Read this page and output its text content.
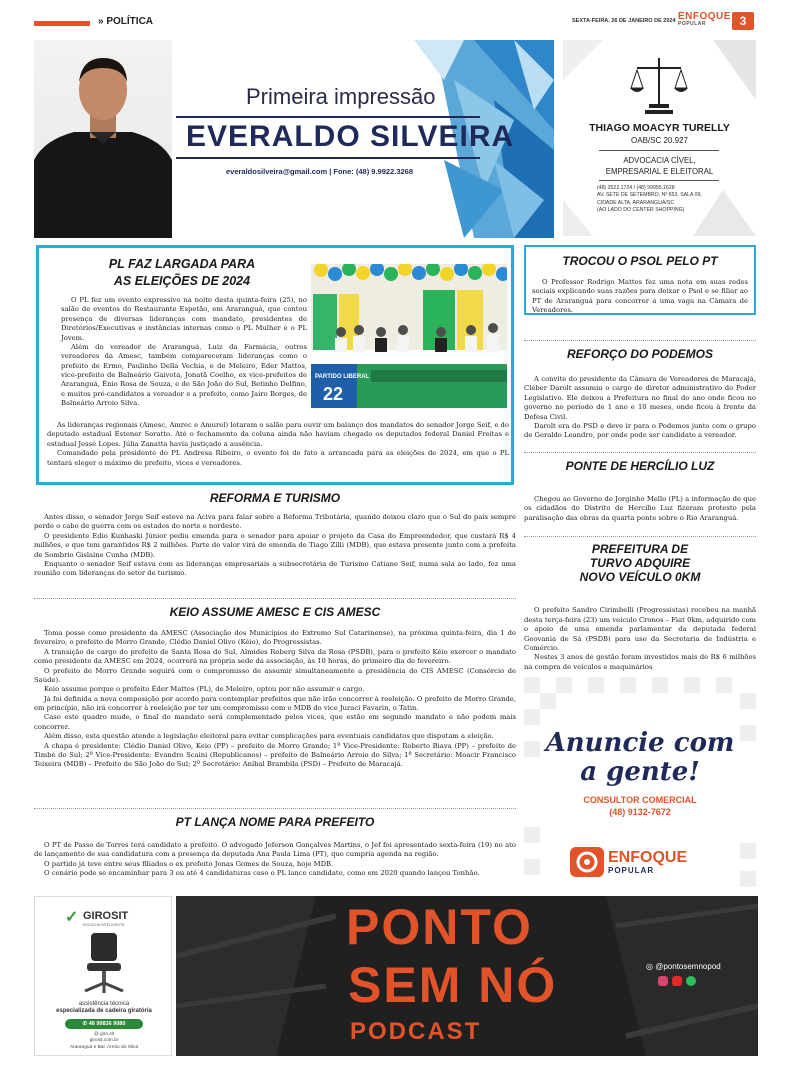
» POLÍTICA	SEXTA-FEIRA, 26 DE JANEIRO DE 2024 ENFOQUE
POPULAR	3
Primeira impressão
EVERALDO SILVEIRA
everaldosilveira@gmail.com | Fone: (48) 9.9922.3268
THIAGO MOACYR TURELLY
OAB/SC 20.927
ADVOCACIA CÍVEL,
EMPRESARIAL E ELEITORAL
(48) 3522.1724 / (48) 99955.1628
AV. SETE DE SETEMBRO, Nº 653, SALA 09,
CIDADE ALTA, ARARANGUÁ/SC
(AO LADO DO CENTER SHOPPING)
PL FAZ LARGADA PARA
AS ELEIÇÕES DE 2024

O PL fez um evento expressivo na noite desta quinta-feira (25), no salão de eventos do Restaurante Espetão, em Araranguá, que contou presença de diversas lideranças com mandato, presidentes de Diretórios/Executivas e instâncias internas como o PL Mulher e o PL Jovem.

Além do vereador de Araranguá, Luiz da Farmácia, outros vereadores da Amesc, também compareceram lideranças como o prefeito de Ermo, Paulinho Della Vechia, e de Meleiro, Eder Mattos, vice-prefeito de Balneário Gaivota, Jonatã Coelho, ex vice-prefeitos de Araranguá, Ênio Rosa de Souza, e de São João do Sul, Betinho Delfino, e muitos pré-candidatos a vereador e a prefeito, como Jairo Borges, de Balneário Arroio Silva.

PARTIDO LIBERAL
22

As lideranças regionais (Amesc, Amrec e Amurel) lotaram o salão para ouvir um balanço dos mandatos do senador Jorge Seif, e do deputado estadual Estener Soratto. Até o fechamento da coluna ainda não haviam chegado os deputados federal Daniel Freitas e estadual Jessé Lopes. Júlia Zanatta havia justiçado a ausência.

Comandado pela presidente do PL Andresa Ribeiro, o evento foi de fato a arrancada para as eleições de 2024, em que o PL tentará eleger o máximo de prefeito, vices e vereadores.

REFORMA E TURISMO

Antes disso, o senador Jorge Seif esteve na Aciva para falar sobre a Reforma Tributária, quando deixou claro que o Sul do país sempre perde o cabo de guerra com os estados do norte e nordeste.

O presidente Edio Kunhaski Júnior pediu emenda para o senador para apoiar o projeto da Casa do Empreendedor, que custará R$ 4 milhões, e que tem garantidos R$ 2 milhões. Parte do valor virá de emenda de Tiago Zilli (MDB), que estava presente junto com a prefeita de Sombrio Gislaine Cunha (MDB).

Enquanto o senador Seif estava com as lideranças empresariais a subsecretária de Turismo Catiane Seif, numa sala ao lado, fez uma reunião com lideranças do setor de turismo.

KEIO ASSUME AMESC E CIS AMESC

Toma posse como presidente da AMESC (Associação dos Municípios do Extremo Sul Catarinense), na próxima quinta-feira, dia 1 de fevereiro, o prefeito de Morro Grande, Clédio Daniel Olivo (Kéio), do Progressistas.

A transição de cargo do prefeito de Santa Rosa do Sul, Almides Roberg Silva da Rosa (PSDB), para o prefeito Kéio exercer o mandato como presidente da AMESC em 2024, ocorrerá na própria sede da associação, às 10 horas, do primeiro dia de fevereiro.

O prefeito de Morro Grande seguirá com o compromisso de assumir simultaneamente a presidência do CIS AMESC (Consórcio de Saúde).

Keio assume porque o prefeito Éder Mattos (PL), de Meleiro, optou por não assumir o cargo.

Já foi definida a nova composição por acordo para contemplar prefeitos que não irão concorrer à reeleição. O prefeito de Morro Grande, em princípio, não irá concorrer à reeleição por ter um compromisso com o MDB do vice Juraci Favarin, o Tatin.

Caso este quadro mude, o final do mandato será complementado pelos vices, que estão em segundo mandato e não podem mais concorrer.

Além disso, esta questão atende a legislação eleitoral para evitar complicações para eventuais candidatos que disputam a eleição.

A chapa é presidente: Clédio Daniel Olivo, Keio (PP) – prefeito de Morro Grande; 1º Vice-Presidente: Roberto Biava (PP) – prefeito de Timbé do Sul; 2º Vice-Presidente: Evandro Scaini (Republicanos) – prefeito de Balneário Arroio do Silva; 1º Secretário: Moacir Francisco Teixeira (MDB) – Prefeito de São João do Sul; 2º Secretário: Aníbal Brambila (PSD) – Prefeito de Maracajá.

PT LANÇA NOME PARA PREFEITO

O PT de Passo de Torres terá candidato a prefeito. O advogado Jeferson Gonçalves Martins, o Jef foi apresentado sexta-feira (19) no ato de lançamento de sua candidatura com a presença da deputada Ana Paula Lima (PT), que cumpria agenda na região.

O partido já teve entre seus filiados o ex prefeito Jonas Gomes de Souza, hoje MDB.

O cenário pode se encaminhar para 3 ou até 4 candidaturas caso o PL lance candidato, como em 2020 quando lançou Tonhão.

TROCOU O PSOL PELO PT

O Professor Rodrigo Mattos fez uma nota em suas redes sociais explicando suas razões para deixar o Psol e se filiar ao PT de Araranguá para concorrer a uma vaga na Câmara de Vereadores.

REFORÇO DO PODEMOS

A convite do presidente da Câmara de Vereadores de Maracajá, Cléber Darolt assumiu o cargo de diretor administrativo do Poder Legislativo. Ele deixou a Prefeitura no final do ano onde ficou no governo no período de 1 ano e 10 meses, onde ficou à frente da Defesa Civil.

Darolt era do PSD e deve ir para o Podemos junto com o grupo de Geraldo Leandro, por onde pode ser candidato a vereador.

PONTE DE HERCÍLIO LUZ

Chegou ao Governo de Jorginho Mello (PL) a informação de que os cidadãos do Distrito de Hercílio Luz fizeram protesto pela paralisação das obras da quarta ponte sobre o Rio Araranguá.

PREFEITURA DE
TURVO ADQUIRE
NOVO VEÍCULO 0KM

O prefeito Sandro Cirimbelli (Progressistas) recebeu na manhã desta terça-feira (23) um veículo Cronos – Fiat 0km, adquirido com o apoio de uma emenda parlamentar da deputada federal Geovania de Sá (PSDB) para uso da Secretaria de Indústria e Comércio.

Nestes 3 anos de gestão foram investidos mais de R$ 6 milhões na compra de veículos e maquinários

Anuncie com
a gente!
CONSULTOR COMERCIAL
(48) 9132-7672
ENFOQUE
POPULAR
✓ GIROSIT
ESCOLHA INTELIGENTE
assistência técnica
especializada de cadeira giratória
✆ 48 99836 9080
@ giro.sit
girosit.com.br
Araranguá e Bal. Arroio do Silva
PONTO
SEM NÓ
PODCAST
◎ @pontosemnopod
